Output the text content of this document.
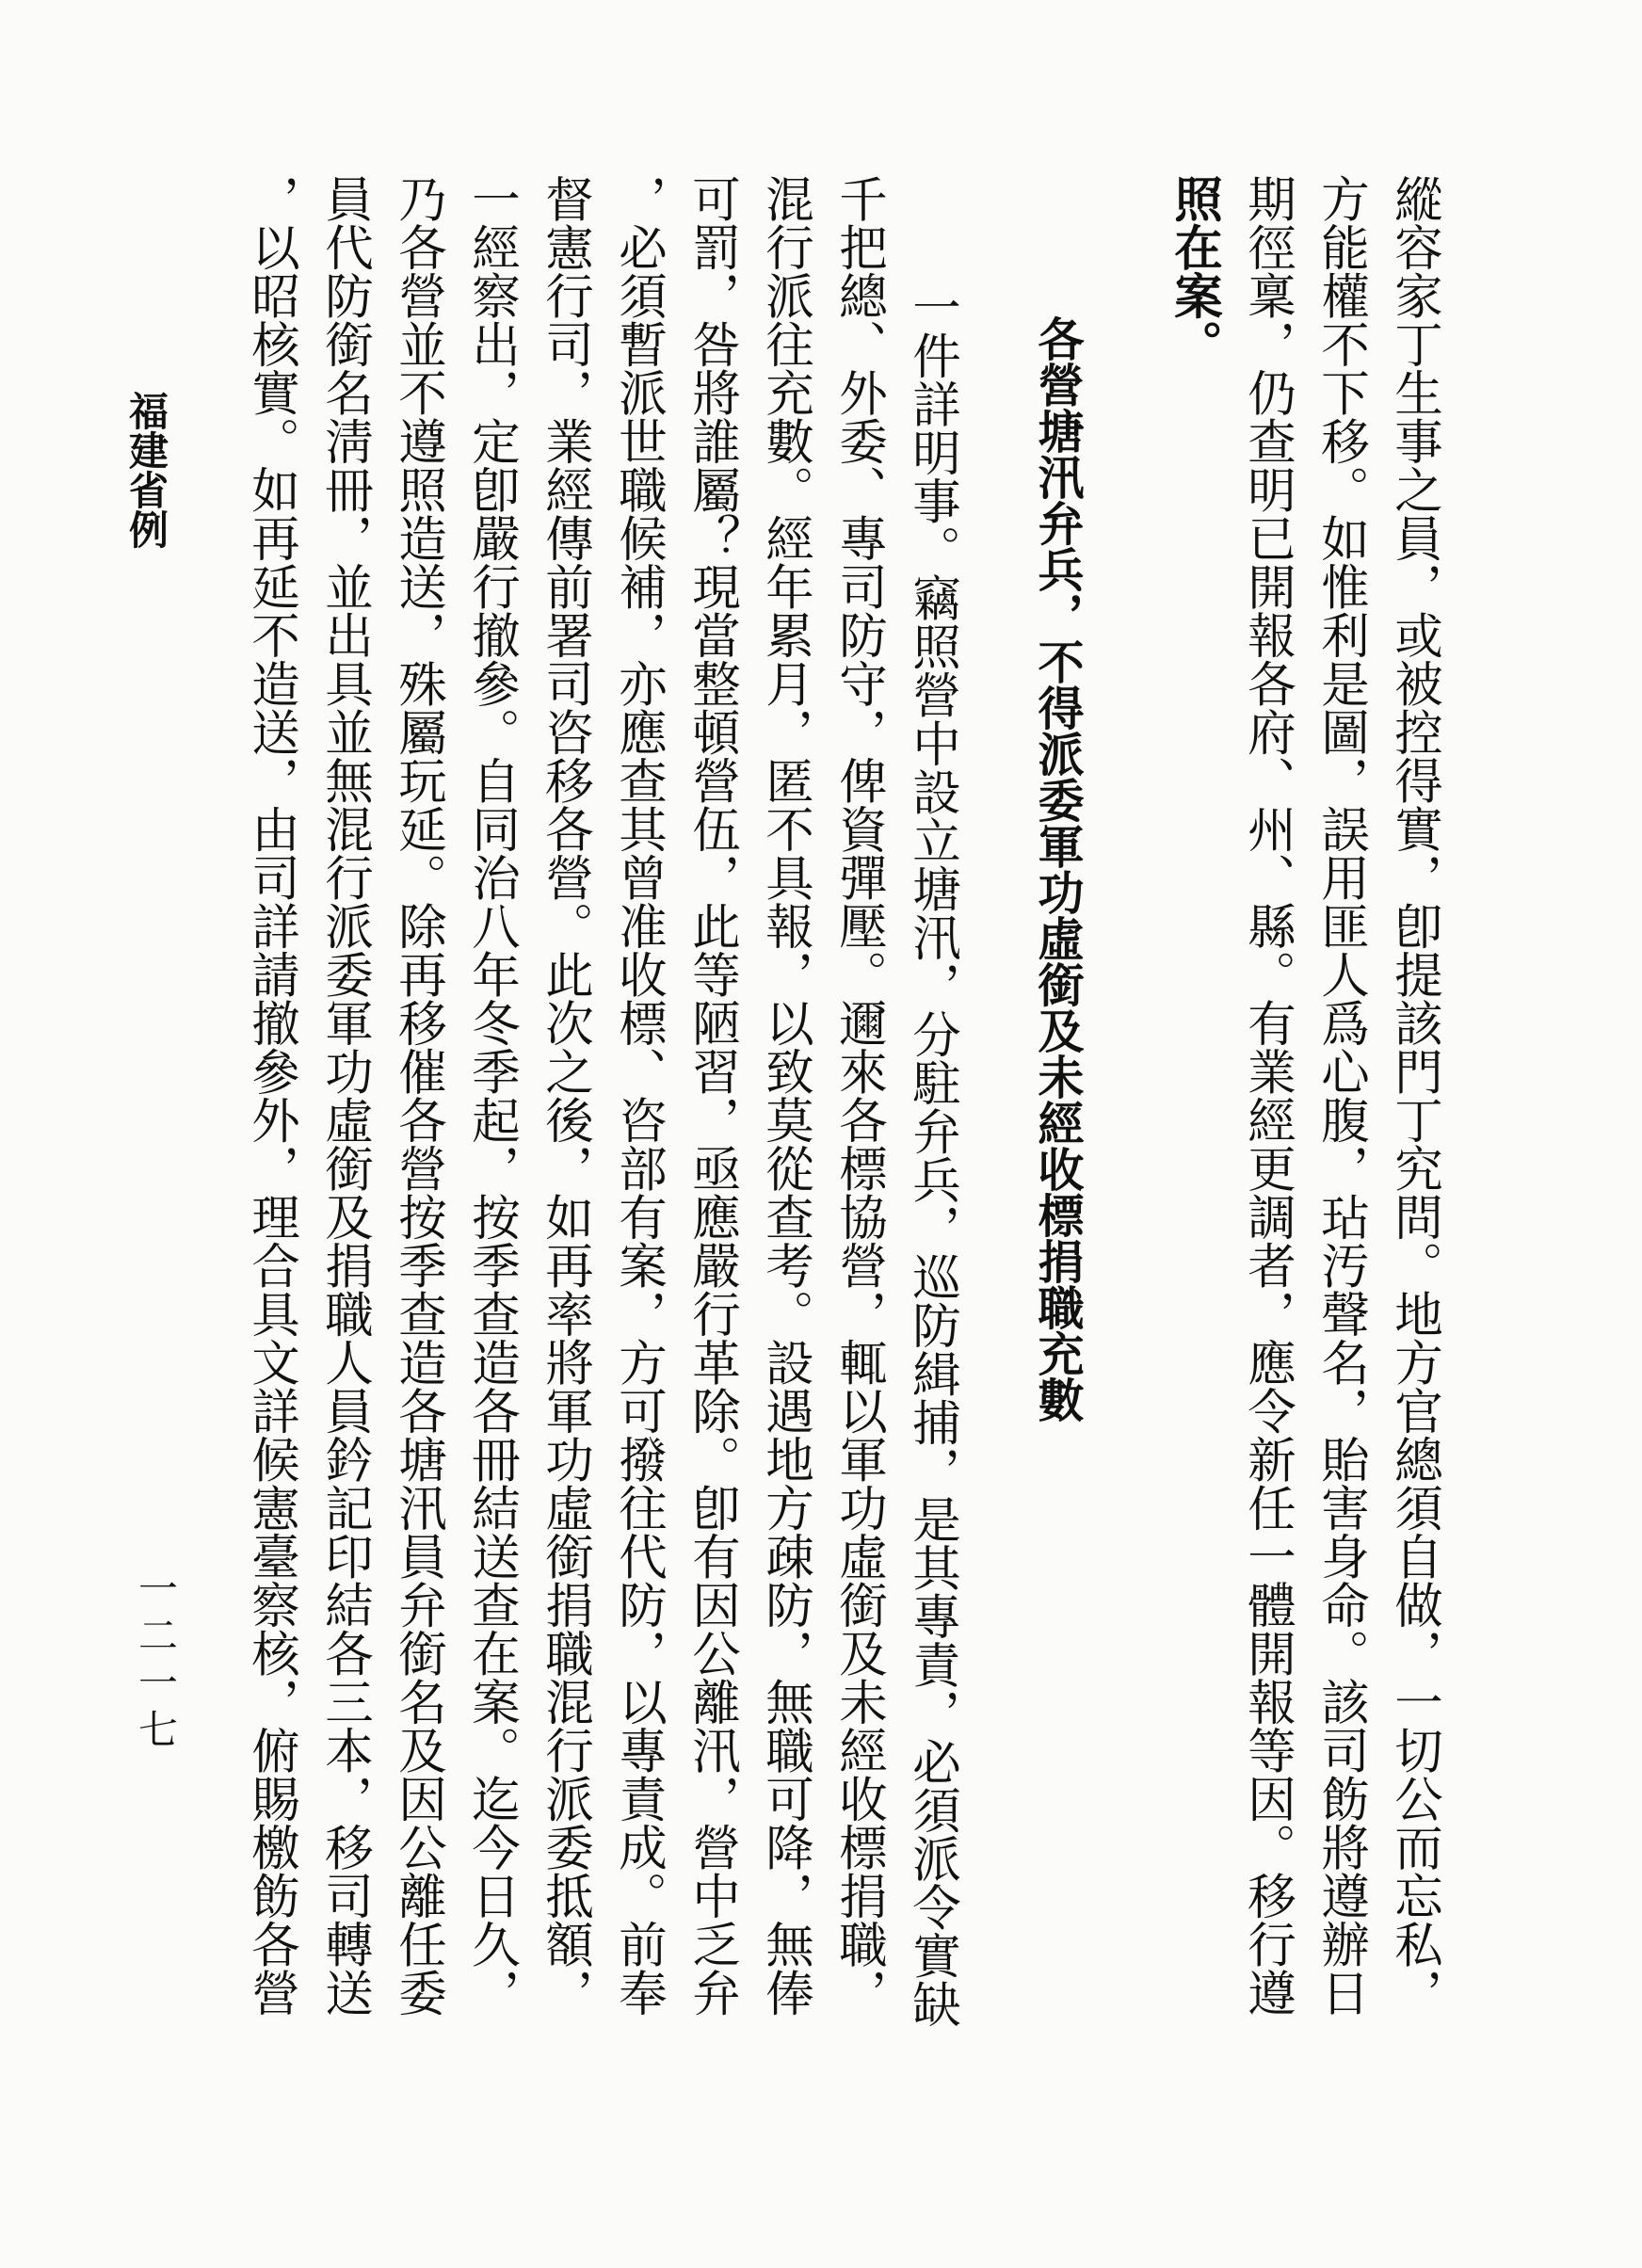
縱容家丁生事之員，或被控得實，卽提該門丁究問。地方官總須自做，一切公而忘私，
方能權不下移。如惟利是圖，誤用匪人爲心腹，玷汚聲名，貽害身命。該司飭將遵辦日
期徑稟，仍查明已開報各府、州、縣。有業經更調者，應令新任一體開報等因。移行遵
照在案。
各營塘汛弁兵，不得派委軍功虛銜及未經收標捐職充數
一件詳明事。竊照營中設立塘汛，分駐弁兵，巡防緝捕，是其專責，必須派令實缺
千把總、外委、專司防守，俾資彈壓。邇來各標協營，輒以軍功虛銜及未經收標捐職，
混行派往充數。經年累月，匿不具報，以致莫從查考。設遇地方疎防，無職可降，無俸
可罰，咎將誰屬？現當整頓營伍，此等陋習，亟應嚴行革除。卽有因公離汛，營中乏弁
，必須暫派世職候補，亦應查其曾准收標、咨部有案，方可撥往代防，以專責成。前奉
督憲行司，業經傳前署司咨移各營。此次之後，如再率將軍功虛銜捐職混行派委抵額，
一經察出，定卽嚴行撤參。自同治八年冬季起，按季查造各冊結送查在案。迄今日久，
乃各營並不遵照造送，殊屬玩延。除再移催各營按季查造各塘汛員弁銜名及因公離任委
員代防銜名淸冊，並出具並無混行派委軍功虛銜及捐職人員鈐記印結各三本，移司轉送
，以昭核實。如再延不造送，由司詳請撤參外，理合具文詳候憲臺察核，俯賜檄飭各營
福建省例
一二一七
